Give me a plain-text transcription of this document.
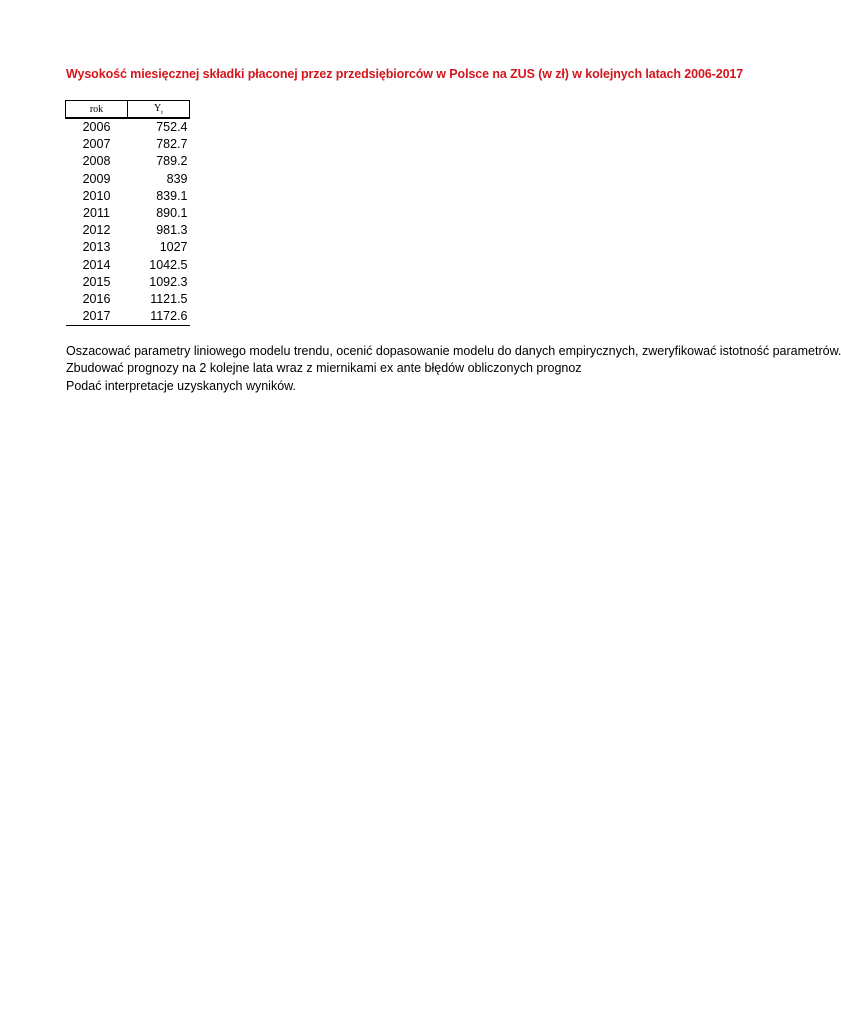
Wysokość miesięcznej składki płaconej przez przedsiębiorców w Polsce na ZUS (w zł) w kolejnych latach 2006-2017
rok	$Y_t$
2006	752.4
2007	782.7
2008	789.2
2009	839
2010	839.1
2011	890.1
2012	981.3
2013	1027
2014	1042.5
2015	1092.3
2016	1121.5
2017	1172.6
Oszacować parametry liniowego modelu trendu, ocenić dopasowanie modelu do danych empirycznych, zweryfikować istotność parametrów.
Zbudować prognozy na 2 kolejne lata wraz z miernikami ex ante błędów obliczonych prognoz
Podać interpretacje uzyskanych wyników.
